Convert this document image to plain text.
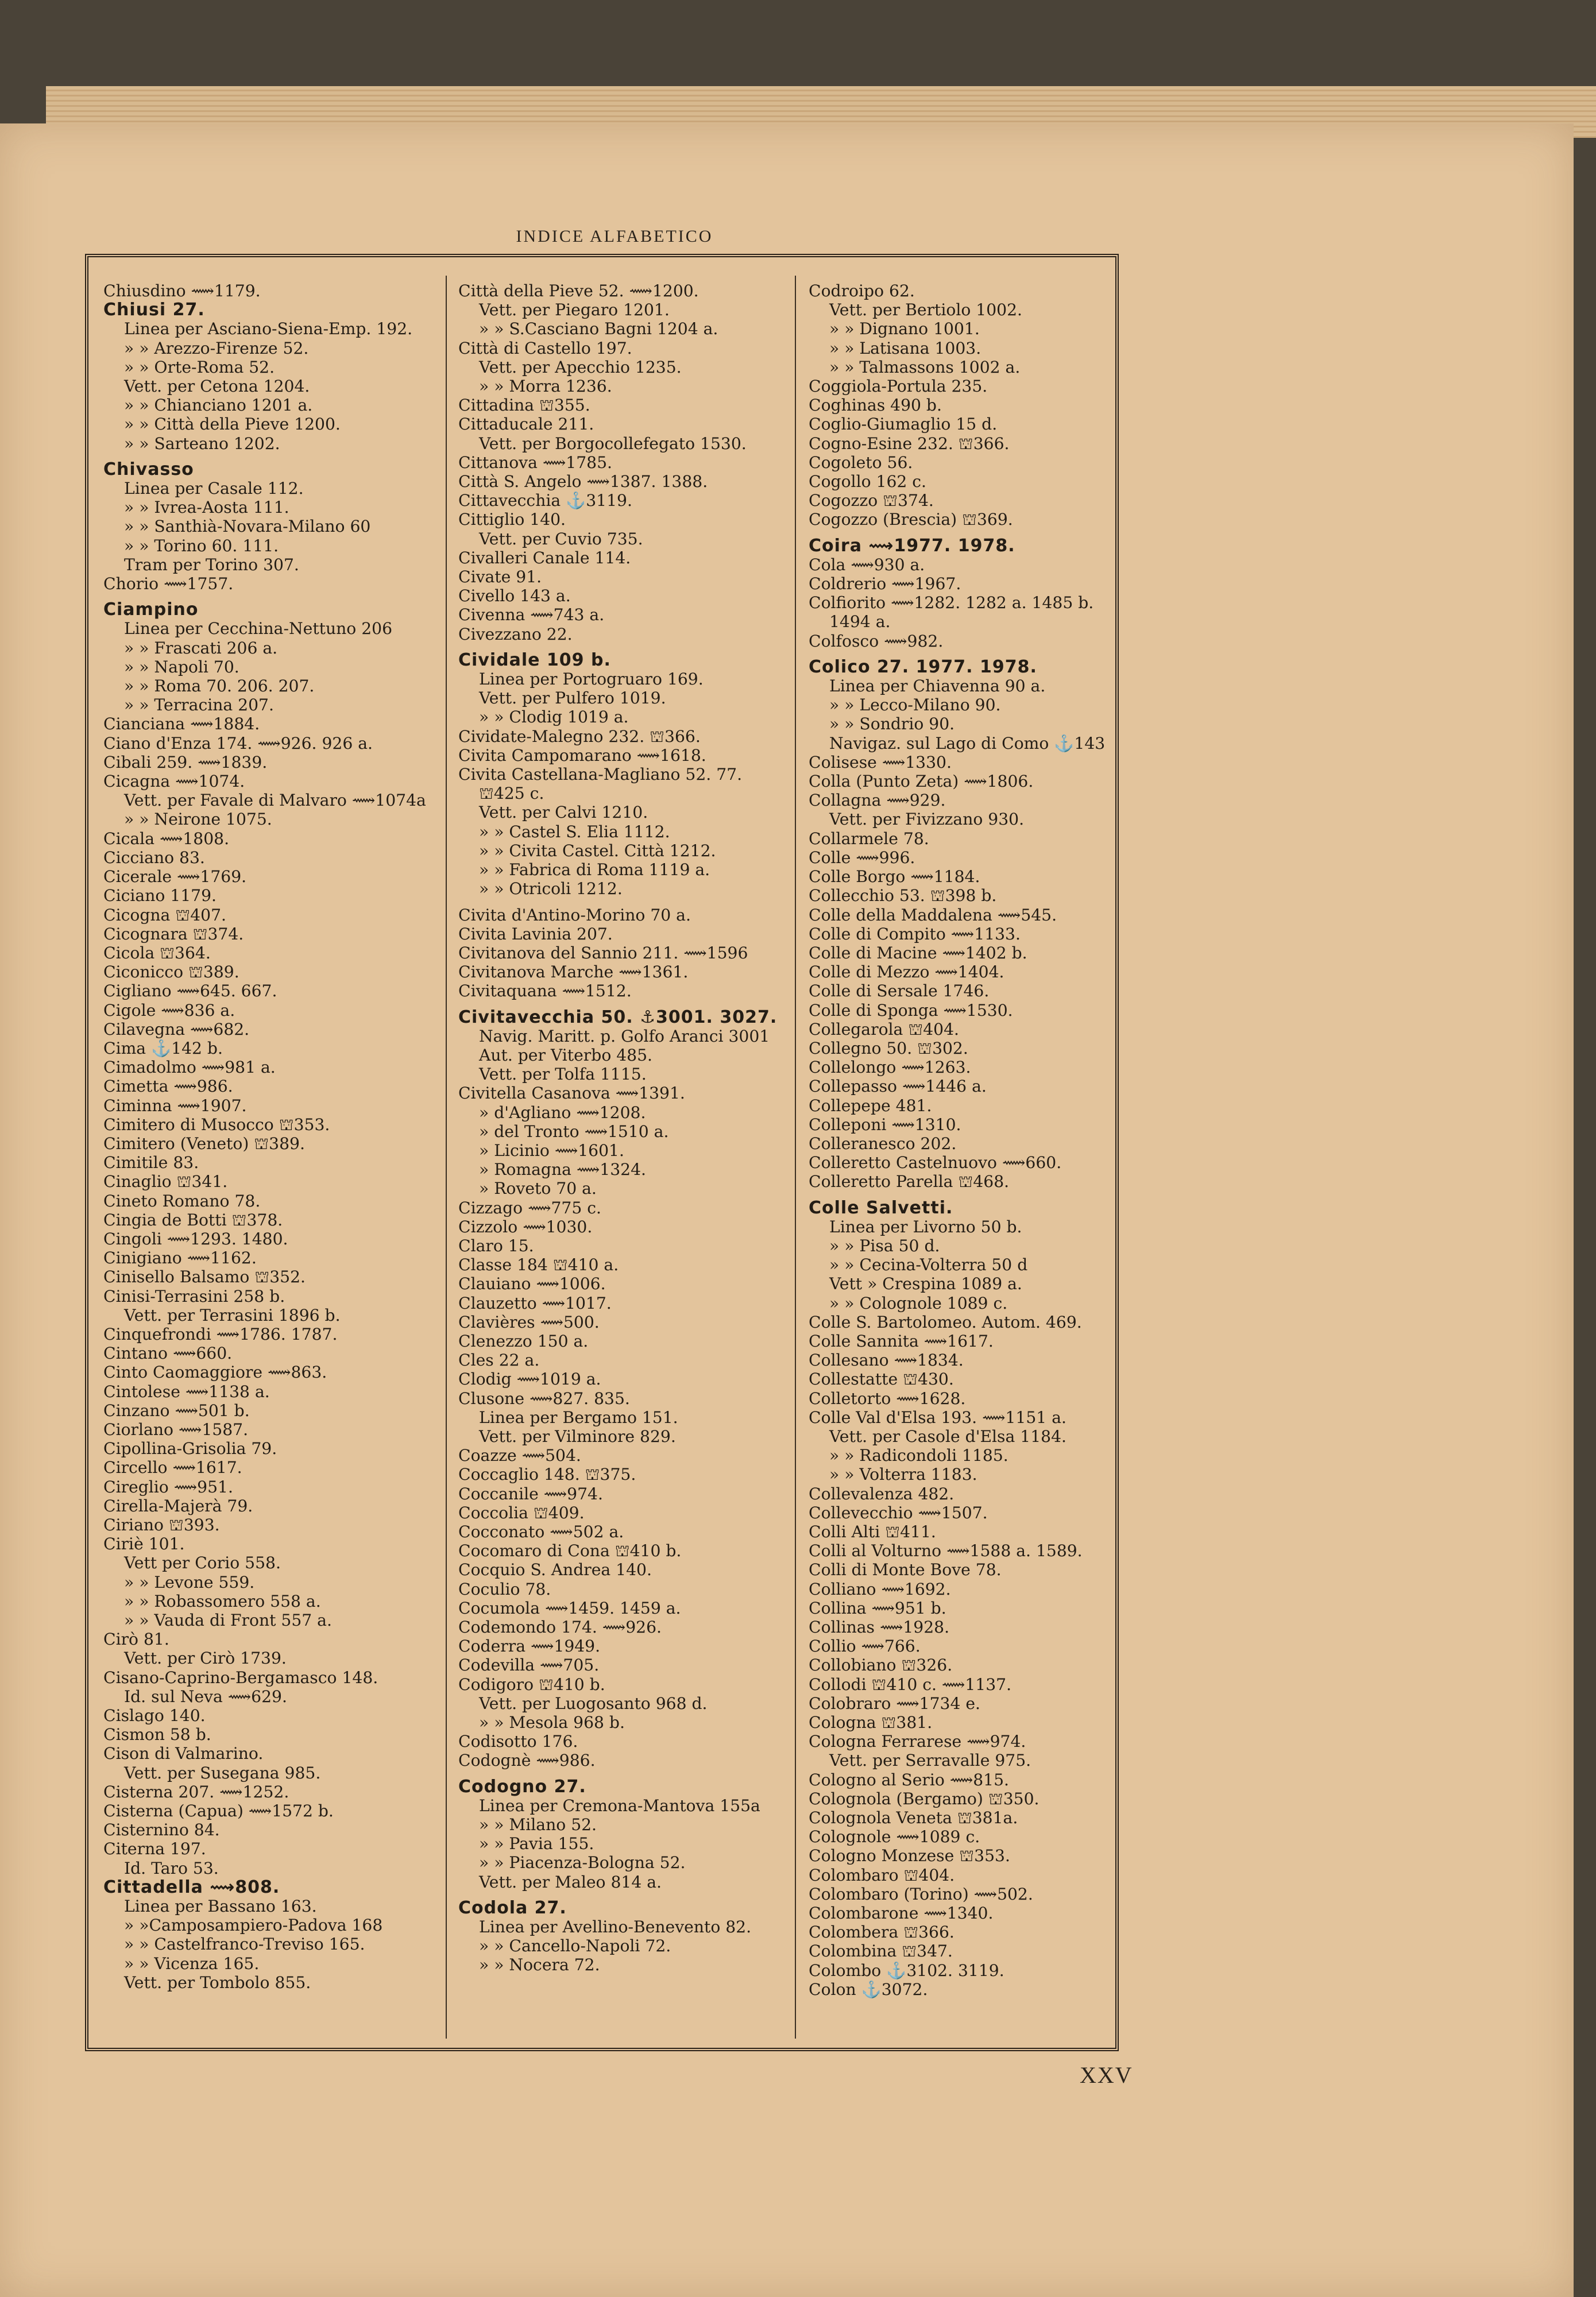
INDICE ALFABETICO
Chiusdino ⟿1179.
Chiusi 27.
Linea per Asciano-Siena-Emp. 192.
» » Arezzo-Firenze 52.
» » Orte-Roma 52.
Vett. per Cetona 1204.
» » Chianciano 1201 a.
» » Città della Pieve 1200.
» » Sarteano 1202.
Chivasso
Linea per Casale 112.
» » Ivrea-Aosta 111.
» » Santhià-Novara-Milano 60
» » Torino 60. 111.
Tram per Torino 307.
Chorio ⟿1757.
Ciampino
Linea per Cecchina-Nettuno 206
» » Frascati 206 a.
» » Napoli 70.
» » Roma 70. 206. 207.
» » Terracina 207.
Cianciana ⟿1884.
Ciano d'Enza 174. ⟿926. 926 a.
Cibali 259. ⟿1839.
Cicagna ⟿1074.
Vett. per Favale di Malvaro ⟿1074a
» » Neirone 1075.
Cicala ⟿1808.
Cicciano 83.
Cicerale ⟿1769.
Ciciano 1179.
Cicogna ⛫407.
Cicognara ⛫374.
Cicola ⛫364.
Ciconicco ⛫389.
Cigliano ⟿645. 667.
Cigole ⟿836 a.
Cilavegna ⟿682.
Cima ⚓142 b.
Cimadolmo ⟿981 a.
Cimetta ⟿986.
Ciminna ⟿1907.
Cimitero di Musocco ⛫353.
Cimitero (Veneto) ⛫389.
Cimitile 83.
Cinaglio ⛫341.
Cineto Romano 78.
Cingia de Botti ⛫378.
Cingoli ⟿1293. 1480.
Cinigiano ⟿1162.
Cinisello Balsamo ⛫352.
Cinisi-Terrasini 258 b.
Vett. per Terrasini 1896 b.
Cinquefrondi ⟿1786. 1787.
Cintano ⟿660.
Cinto Caomaggiore ⟿863.
Cintolese ⟿1138 a.
Cinzano ⟿501 b.
Ciorlano ⟿1587.
Cipollina-Grisolia 79.
Circello ⟿1617.
Cireglio ⟿951.
Cirella-Majerà 79.
Ciriano ⛫393.
Ciriè 101.
Vett per Corio 558.
» » Levone 559.
» » Robassomero 558 a.
» » Vauda di Front 557 a.
Cirò 81.
Vett. per Cirò 1739.
Cisano-Caprino-Bergamasco 148.
Id. sul Neva ⟿629.
Cislago 140.
Cismon 58 b.
Cison di Valmarino.
Vett. per Susegana 985.
Cisterna 207. ⟿1252.
Cisterna (Capua) ⟿1572 b.
Cisternino 84.
Citerna 197.
Id. Taro 53.
Cittadella ⟿808.
Linea per Bassano 163.
» »Camposampiero-Padova 168
» » Castelfranco-Treviso 165.
» » Vicenza 165.
Vett. per Tombolo 855.
Città della Pieve 52. ⟿1200.
Vett. per Piegaro 1201.
» » S.Casciano Bagni 1204 a.
Città di Castello 197.
Vett. per Apecchio 1235.
» » Morra 1236.
Cittadina ⛫355.
Cittaducale 211.
Vett. per Borgocollefegato 1530.
Cittanova ⟿1785.
Città S. Angelo ⟿1387. 1388.
Cittavecchia ⚓3119.
Cittiglio 140.
Vett. per Cuvio 735.
Civalleri Canale 114.
Civate 91.
Civello 143 a.
Civenna ⟿743 a.
Civezzano 22.
Cividale 109 b.
Linea per Portogruaro 169.
Vett. per Pulfero 1019.
» » Clodig 1019 a.
Cividate-Malegno 232. ⛫366.
Civita Campomarano ⟿1618.
Civita Castellana-Magliano 52. 77.
⛫425 c.
Vett. per Calvi 1210.
» » Castel S. Elia 1112.
» » Civita Castel. Città 1212.
» » Fabrica di Roma 1119 a.
» » Otricoli 1212.
Civita d'Antino-Morino 70 a.
Civita Lavinia 207.
Civitanova del Sannio 211. ⟿1596
Civitanova Marche ⟿1361.
Civitaquana ⟿1512.
Civitavecchia 50. ⚓3001. 3027.
Navig. Maritt. p. Golfo Aranci 3001
Aut. per Viterbo 485.
Vett. per Tolfa 1115.
Civitella Casanova ⟿1391.
» d'Agliano ⟿1208.
» del Tronto ⟿1510 a.
» Licinio ⟿1601.
» Romagna ⟿1324.
» Roveto 70 a.
Cizzago ⟿775 c.
Cizzolo ⟿1030.
Claro 15.
Classe 184 ⛫410 a.
Clauiano ⟿1006.
Clauzetto ⟿1017.
Clavières ⟿500.
Clenezzo 150 a.
Cles 22 a.
Clodig ⟿1019 a.
Clusone ⟿827. 835.
Linea per Bergamo 151.
Vett. per Vilminore 829.
Coazze ⟿504.
Coccaglio 148. ⛫375.
Coccanile ⟿974.
Coccolia ⛫409.
Cocconato ⟿502 a.
Cocomaro di Cona ⛫410 b.
Cocquio S. Andrea 140.
Coculio 78.
Cocumola ⟿1459. 1459 a.
Codemondo 174. ⟿926.
Coderra ⟿1949.
Codevilla ⟿705.
Codigoro ⛫410 b.
Vett. per Luogosanto 968 d.
» » Mesola 968 b.
Codisotto 176.
Codognè ⟿986.
Codogno 27.
Linea per Cremona-Mantova 155a
» » Milano 52.
» » Pavia 155.
» » Piacenza-Bologna 52.
Vett. per Maleo 814 a.
Codola 27.
Linea per Avellino-Benevento 82.
» » Cancello-Napoli 72.
» » Nocera 72.
Codroipo 62.
Vett. per Bertiolo 1002.
» » Dignano 1001.
» » Latisana 1003.
» » Talmassons 1002 a.
Coggiola-Portula 235.
Coghinas 490 b.
Coglio-Giumaglio 15 d.
Cogno-Esine 232. ⛫366.
Cogoleto 56.
Cogollo 162 c.
Cogozzo ⛫374.
Cogozzo (Brescia) ⛫369.
Coira ⟿1977. 1978.
Cola ⟿930 a.
Coldrerio ⟿1967.
Colfiorito ⟿1282. 1282 a. 1485 b.
1494 a.
Colfosco ⟿982.
Colico 27. 1977. 1978.
Linea per Chiavenna 90 a.
» » Lecco-Milano 90.
» » Sondrio 90.
Navigaz. sul Lago di Como ⚓143
Colisese ⟿1330.
Colla (Punto Zeta) ⟿1806.
Collagna ⟿929.
Vett. per Fivizzano 930.
Collarmele 78.
Colle ⟿996.
Colle Borgo ⟿1184.
Collecchio 53. ⛫398 b.
Colle della Maddalena ⟿545.
Colle di Compito ⟿1133.
Colle di Macine ⟿1402 b.
Colle di Mezzo ⟿1404.
Colle di Sersale 1746.
Colle di Sponga ⟿1530.
Collegarola ⛫404.
Collegno 50. ⛫302.
Collelongo ⟿1263.
Collepasso ⟿1446 a.
Collepepe 481.
Colleponi ⟿1310.
Colleranesco 202.
Colleretto Castelnuovo ⟿660.
Colleretto Parella ⛫468.
Colle Salvetti.
Linea per Livorno 50 b.
» » Pisa 50 d.
» » Cecina-Volterra 50 d
Vett » Crespina 1089 a.
» » Colognole 1089 c.
Colle S. Bartolomeo. Autom. 469.
Colle Sannita ⟿1617.
Collesano ⟿1834.
Collestatte ⛫430.
Colletorto ⟿1628.
Colle Val d'Elsa 193. ⟿1151 a.
Vett. per Casole d'Elsa 1184.
» » Radicondoli 1185.
» » Volterra 1183.
Collevalenza 482.
Collevecchio ⟿1507.
Colli Alti ⛫411.
Colli al Volturno ⟿1588 a. 1589.
Colli di Monte Bove 78.
Colliano ⟿1692.
Collina ⟿951 b.
Collinas ⟿1928.
Collio ⟿766.
Collobiano ⛫326.
Collodi ⛫410 c. ⟿1137.
Colobraro ⟿1734 e.
Cologna ⛫381.
Cologna Ferrarese ⟿974.
Vett. per Serravalle 975.
Cologno al Serio ⟿815.
Colognola (Bergamo) ⛫350.
Colognola Veneta ⛫381a.
Colognole ⟿1089 c.
Cologno Monzese ⛫353.
Colombaro ⛫404.
Colombaro (Torino) ⟿502.
Colombarone ⟿1340.
Colombera ⛫366.
Colombina ⛫347.
Colombo ⚓3102. 3119.
Colon ⚓3072.
XXV
